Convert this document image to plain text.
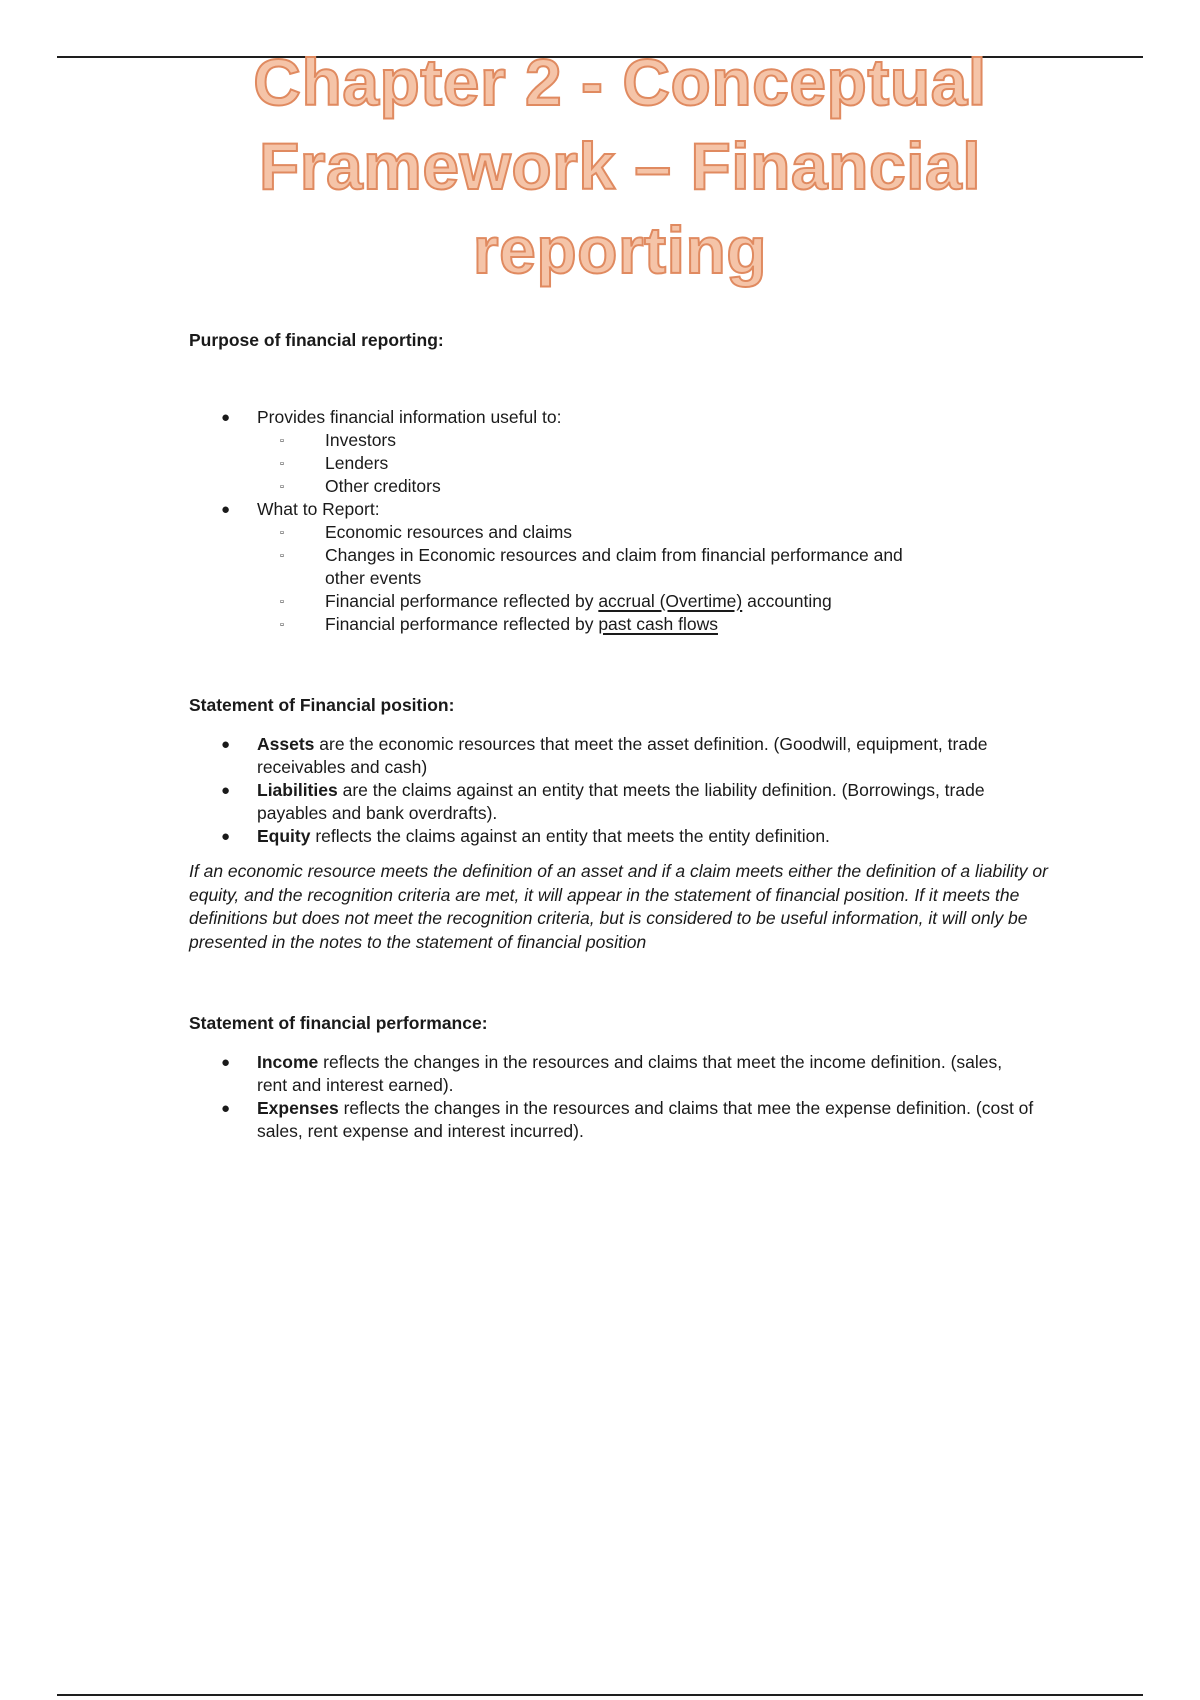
Chapter 2 - Conceptual
Framework – Financial
reporting
Purpose of financial reporting:
● Provides financial information useful to:
▫ Investors
▫ Lenders
▫ Other creditors
● What to Report:
▫ Economic resources and claims
▫ Changes in Economic resources and claim from financial performance and other events
▫ Financial performance reflected by accrual (Overtime) accounting
▫ Financial performance reflected by past cash flows
Statement of Financial position:
● Assets are the economic resources that meet the asset definition. (Goodwill, equipment, trade receivables and cash)
● Liabilities are the claims against an entity that meets the liability definition. (Borrowings, trade payables and bank overdrafts).
● Equity reflects the claims against an entity that meets the entity definition.

If an economic resource meets the definition of an asset and if a claim meets either the definition of a liability or equity, and the recognition criteria are met, it will appear in the statement of financial position. If it meets the definitions but does not meet the recognition criteria, but is considered to be useful information, it will only be presented in the notes to the statement of financial position

Statement of financial performance:
● Income reflects the changes in the resources and claims that meet the income definition. (sales, rent and interest earned).
● Expenses reflects the changes in the resources and claims that mee the expense definition. (cost of sales, rent expense and interest incurred).
